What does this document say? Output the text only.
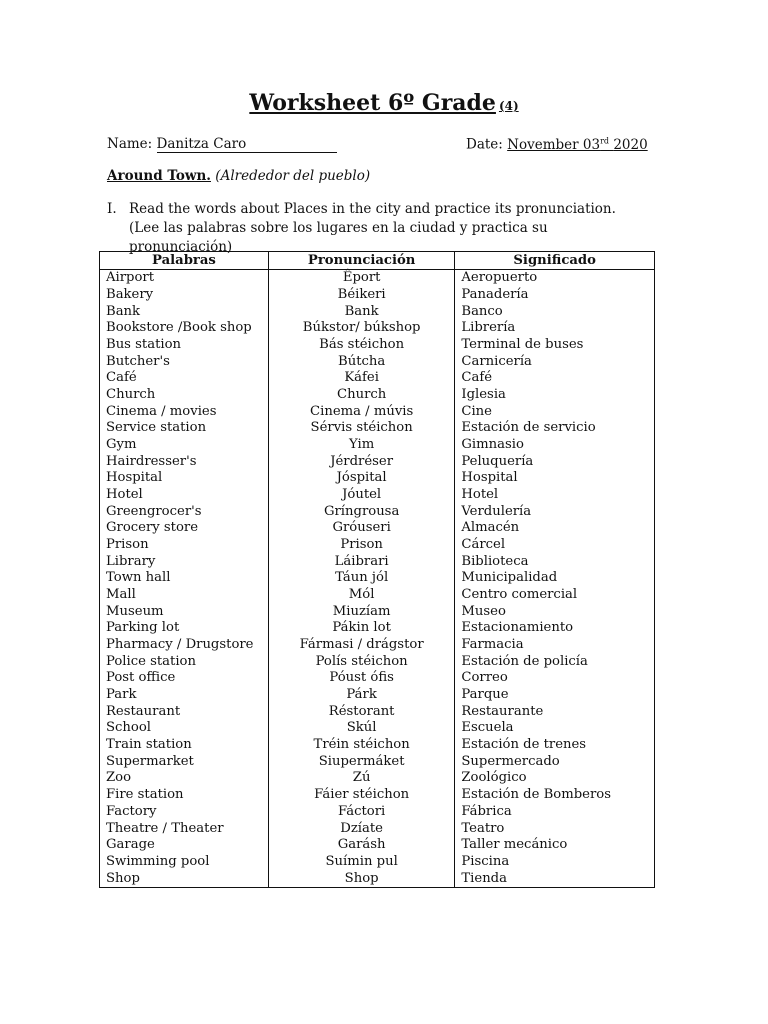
Worksheet 6º Grade (4)
Name: Danitza Caro	Date: November 03rd 2020
Around Town. (Alrededor del pueblo)
I. Read the words about Places in the city and practice its pronunciation. (Lee las palabras sobre los lugares en la ciudad y practica su pronunciación)
Palabras	Pronunciación	Significado
Airport	Êport	Aeropuerto
Bakery	Béikeri	Panadería
Bank	Bank	Banco
Bookstore /Book shop	Búkstor/ búkshop	Librería
Bus station	Bás stéichon	Terminal de buses
Butcher's	Bútcha	Carnicería
Café	Káfei	Café
Church	Church	Iglesia
Cinema / movies	Cinema / múvis	Cine
Service station	Sérvis stéichon	Estación de servicio
Gym	Yim	Gimnasio
Hairdresser's	Jérdréser	Peluquería
Hospital	Jóspital	Hospital
Hotel	Jóutel	Hotel
Greengrocer's	Gríngrousa	Verdulería
Grocery store	Gróuseri	Almacén
Prison	Prison	Cárcel
Library	Láibrari	Biblioteca
Town hall	Táun jól	Municipalidad
Mall	Mól	Centro comercial
Museum	Miuzíam	Museo
Parking lot	Pákin lot	Estacionamiento
Pharmacy / Drugstore	Fármasi / drágstor	Farmacia
Police station	Polís stéichon	Estación de policía
Post office	Póust ófis	Correo
Park	Párk	Parque
Restaurant	Réstorant	Restaurante
School	Skúl	Escuela
Train station	Tréin stéichon	Estación de trenes
Supermarket	Siupermáket	Supermercado
Zoo	Zú	Zoológico
Fire station	Fáier stéichon	Estación de Bomberos
Factory	Fáctori	Fábrica
Theatre / Theater	Dzíate	Teatro
Garage	Garásh	Taller mecánico
Swimming pool	Suímin pul	Piscina
Shop	Shop	Tienda
